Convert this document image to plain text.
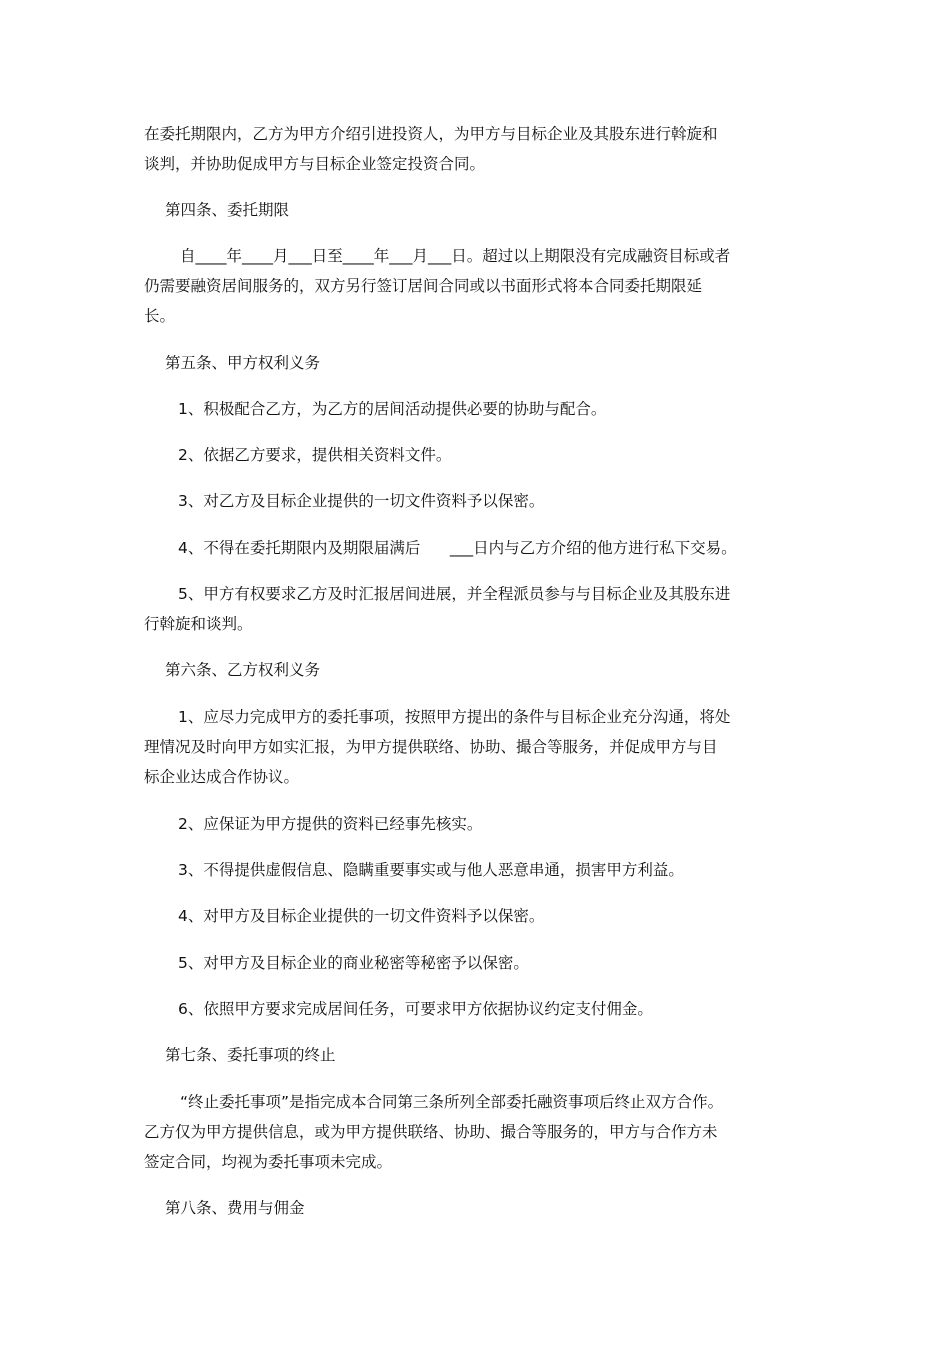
在委托期限内，乙方为甲方介绍引进投资人，为甲方与目标企业及其股东进行斡旋和
谈判，并协助促成甲方与目标企业签定投资合同。
第四条、委托期限
自____年____月___日至____年___月___日。超过以上期限没有完成融资目标或者
仍需要融资居间服务的，双方另行签订居间合同或以书面形式将本合同委托期限延
长。
第五条、甲方权利义务
1、积极配合乙方，为乙方的居间活动提供必要的协助与配合。
2、依据乙方要求，提供相关资料文件。
3、对乙方及目标企业提供的一切文件资料予以保密。
4、不得在委托期限内及期限届满后      ___日内与乙方介绍的他方进行私下交易。
5、甲方有权要求乙方及时汇报居间进展，并全程派员参与与目标企业及其股东进
行斡旋和谈判。
第六条、乙方权利义务
1、应尽力完成甲方的委托事项，按照甲方提出的条件与目标企业充分沟通，将处
理情况及时向甲方如实汇报，为甲方提供联络、协助、撮合等服务，并促成甲方与目
标企业达成合作协议。
2、应保证为甲方提供的资料已经事先核实。
3、不得提供虚假信息、隐瞒重要事实或与他人恶意串通，损害甲方利益。
4、对甲方及目标企业提供的一切文件资料予以保密。
5、对甲方及目标企业的商业秘密等秘密予以保密。
6、依照甲方要求完成居间任务，可要求甲方依据协议约定支付佣金。
第七条、委托事项的终止
“终止委托事项”是指完成本合同第三条所列全部委托融资事项后终止双方合作。
乙方仅为甲方提供信息，或为甲方提供联络、协助、撮合等服务的，甲方与合作方未
签定合同，均视为委托事项未完成。
第八条、费用与佣金
